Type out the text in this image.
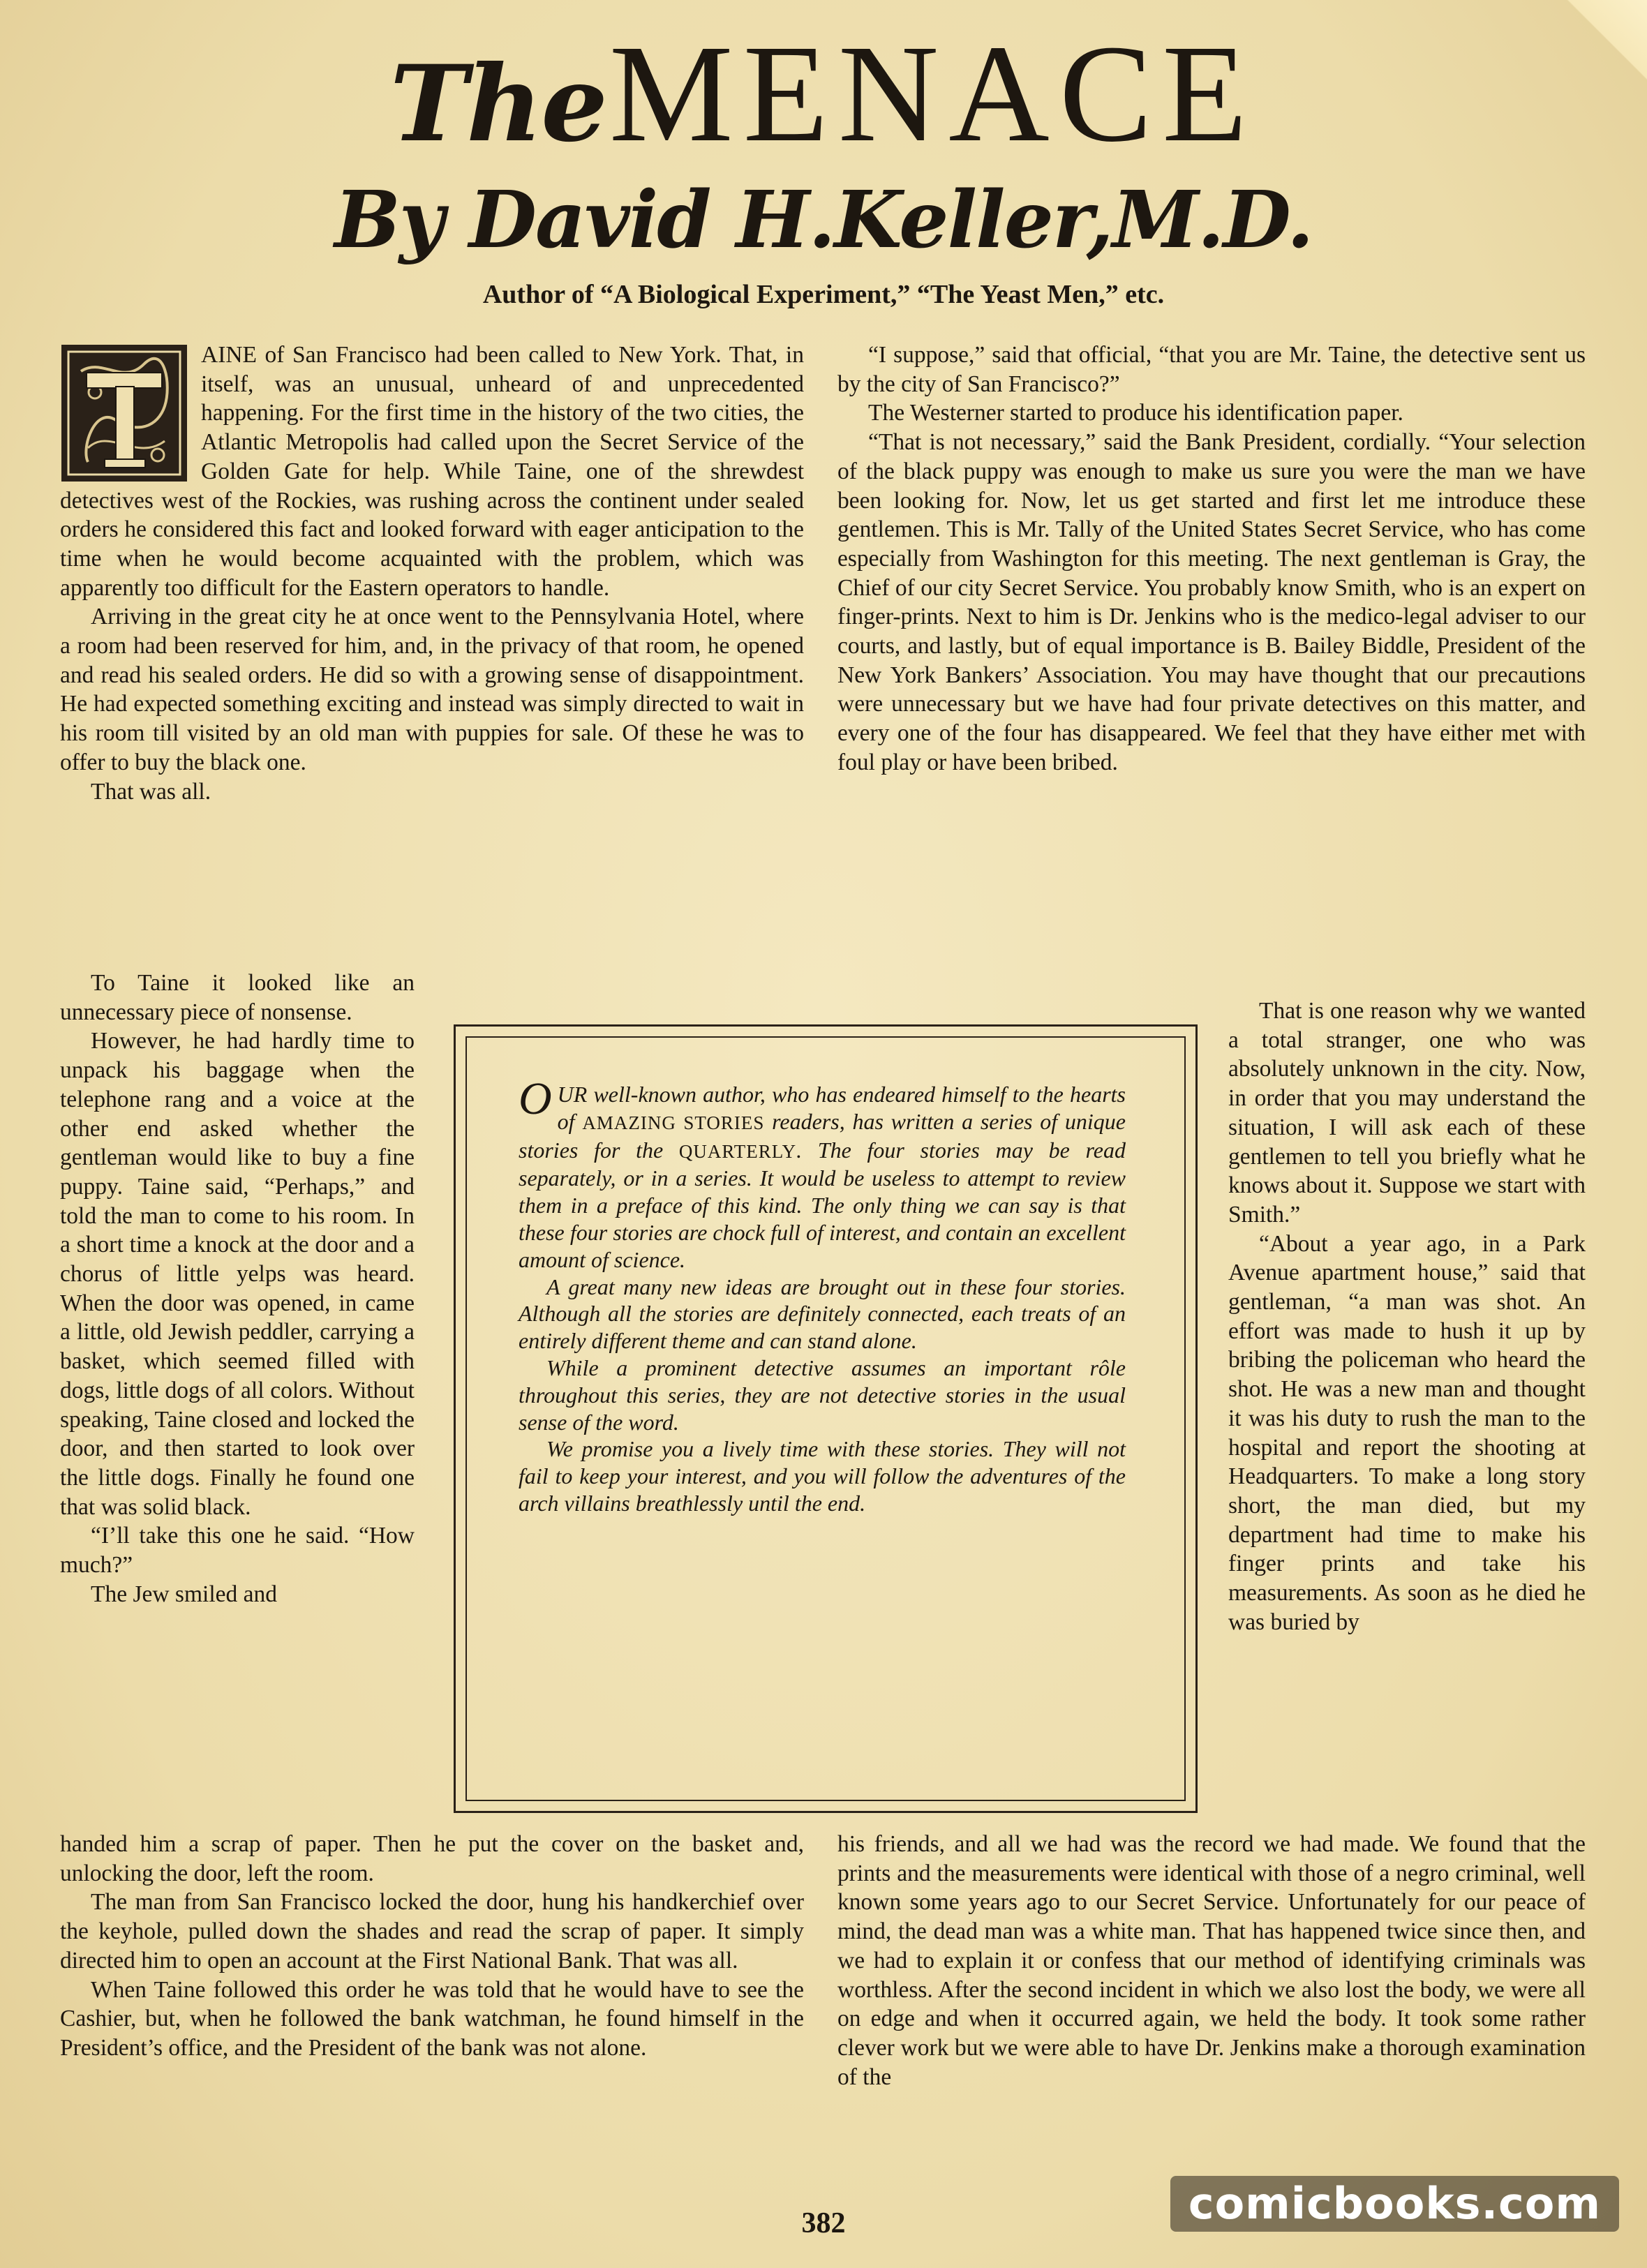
The MENACE
By David H.Keller,M.D.
Author of “A Biological Experiment,” “The Yeast Men,” etc.

AINE of San Francisco had been called to New York. That, in itself, was an unusual, unheard of and unprecedented happening. For the first time in the history of the two cities, the Atlantic Metropolis had called upon the Secret Service of the Golden Gate for help. While Taine, one of the shrewdest detectives west of the Rockies, was rushing across the continent under sealed orders he considered this fact and looked forward with eager anticipation to the time when he would become acquainted with the problem, which was apparently too difficult for the Eastern operators to handle.

Arriving in the great city he at once went to the Pennsylvania Hotel, where a room had been reserved for him, and, in the privacy of that room, he opened and read his sealed orders. He did so with a growing sense of disappointment. He had expected something exciting and instead was simply directed to wait in his room till visited by an old man with puppies for sale. Of these he was to offer to buy the black one.

That was all.

To Taine it looked like an unnecessary piece of nonsense.

However, he had hardly time to unpack his baggage when the telephone rang and a voice at the other end asked whether the gentleman would like to buy a fine puppy. Taine said, “Perhaps,” and told the man to come to his room. In a short time a knock at the door and a chorus of little yelps was heard. When the door was opened, in came a little, old Jewish peddler, carrying a basket, which seemed filled with dogs, little dogs of all colors. Without speaking, Taine closed and locked the door, and then started to look over the little dogs. Finally he found one that was solid black.

“I’ll take this one he said. “How much?”

The Jew smiled and

handed him a scrap of paper. Then he put the cover on the basket and, unlocking the door, left the room.

The man from San Francisco locked the door, hung his handkerchief over the keyhole, pulled down the shades and read the scrap of paper. It simply directed him to open an account at the First National Bank. That was all.

When Taine followed this order he was told that he would have to see the Cashier, but, when he followed the bank watchman, he found himself in the President’s office, and the President of the bank was not alone.

“I suppose,” said that official, “that you are Mr. Taine, the detective sent us by the city of San Francisco?”

The Westerner started to produce his identification paper.

“That is not necessary,” said the Bank President, cordially. “Your selection of the black puppy was enough to make us sure you were the man we have been looking for. Now, let us get started and first let me introduce these gentlemen. This is Mr. Tally of the United States Secret Service, who has come especially from Washington for this meeting. The next gentleman is Gray, the Chief of our city Secret Service. You probably know Smith, who is an expert on finger-prints. Next to him is Dr. Jenkins who is the medico-legal adviser to our courts, and lastly, but of equal importance is B. Bailey Biddle, President of the New York Bankers’ Association. You may have thought that our precautions were unnecessary but we have had four private detectives on this matter, and every one of the four has disappeared. We feel that they have either met with foul play or have been bribed.

That is one reason why we wanted a total stranger, one who was absolutely unknown in the city. Now, in order that you may understand the situation, I will ask each of these gentlemen to tell you briefly what he knows about it. Suppose we start with Smith.”

“About a year ago, in a Park Avenue apartment house,” said that gentleman, “a man was shot. An effort was made to hush it up by bribing the policeman who heard the shot. He was a new man and thought it was his duty to rush the man to the hospital and report the shooting at Headquarters. To make a long story short, the man died, but my department had time to make his finger prints and take his measurements. As soon as he died he was buried by

his friends, and all we had was the record we had made. We found that the prints and the measurements were identical with those of a negro criminal, well known some years ago to our Secret Service. Unfortunately for our peace of mind, the dead man was a white man. That has happened twice since then, and we had to explain it or confess that our method of identifying criminals was worthless. After the second incident in which we also lost the body, we were all on edge and when it occurred again, we held the body. It took some rather clever work but we were able to have Dr. Jenkins make a thorough examination of the

OUR well-known author, who has endeared himself to the hearts of AMAZING STORIES readers, has written a series of unique stories for the QUARTERLY. The four stories may be read separately, or in a series. It would be useless to attempt to review them in a preface of this kind. The only thing we can say is that these four stories are chock full of interest, and contain an excellent amount of science.

A great many new ideas are brought out in these four stories. Although all the stories are definitely connected, each treats of an entirely different theme and can stand alone.

While a prominent detective assumes an important rôle throughout this series, they are not detective stories in the usual sense of the word.

We promise you a lively time with these stories. They will not fail to keep your interest, and you will follow the adventures of the arch villains breathlessly until the end.

382	comicbooks.com
